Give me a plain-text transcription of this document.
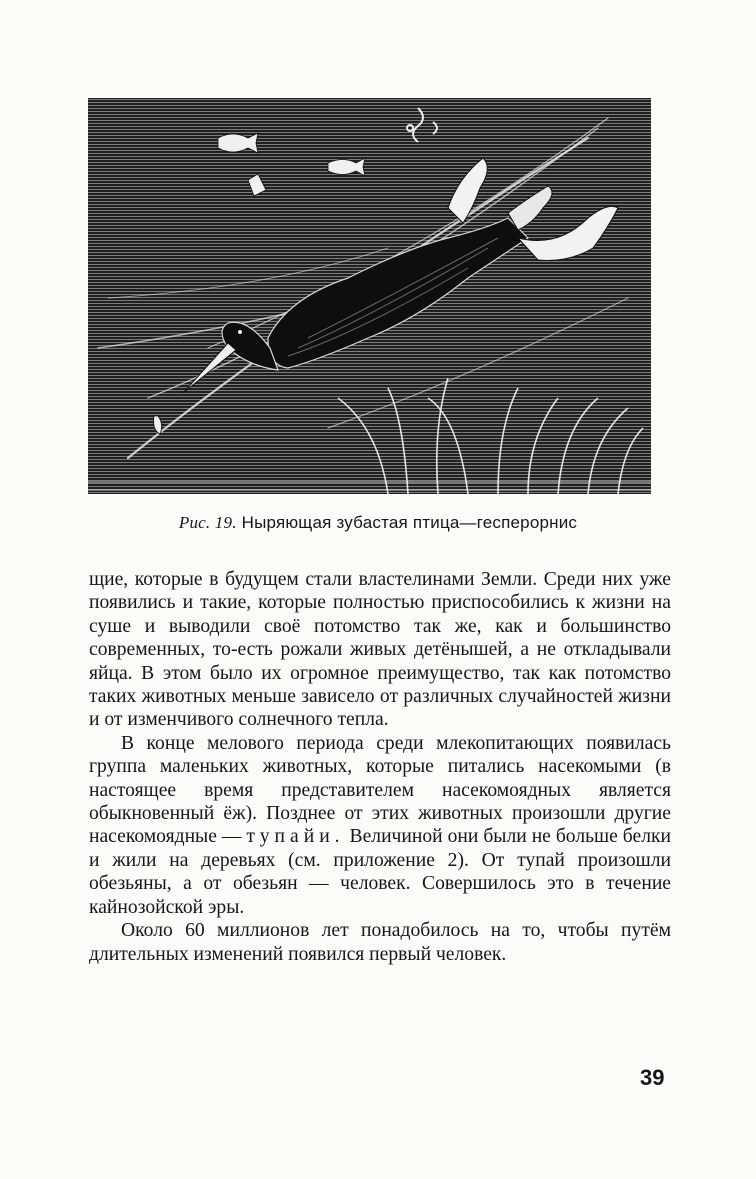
Рис. 19. Ныряющая зубастая птица—гесперорнис

щие, которые в будущем стали властелинами Земли. Среди них уже появились и такие, которые полностью приспособились к жизни на суше и выводили своё потомство так же, как и большинство современных, то-есть рожали живых детёнышей, а не откладывали яйца. В этом было их огромное преимущество, так как потомство таких животных меньше зависело от различных случайностей жизни и от изменчивого солнечного тепла.

В конце мелового периода среди млекопитающих появилась группа маленьких животных, которые питались насекомыми (в настоящее время представителем насекомоядных является обыкновенный ёж). Позднее от этих животных произошли другие насекомоядные — тупайи. Величиной они были не больше белки и жили на деревьях (см. приложение 2). От тупай произошли обезьяны, а от обезьян — человек. Совершилось это в течение кайнозойской эры.

Около 60 миллионов лет понадобилось на то, чтобы путём длительных изменений появился первый человек.

39
